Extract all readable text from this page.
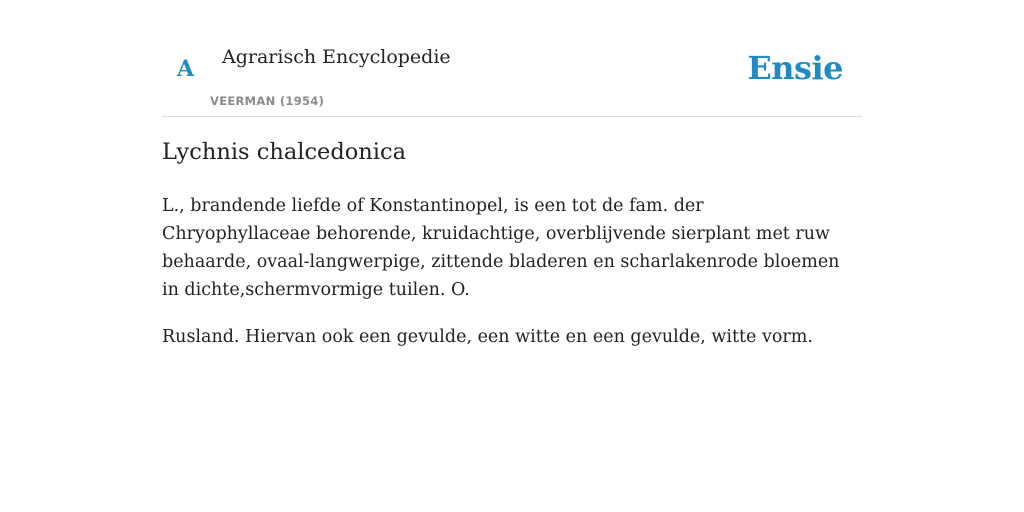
A Agrarisch Encyclopedie
VEERMAN (1954)
Ensie
Lychnis chalcedonica

L., brandende liefde of Konstantinopel, is een tot de fam. der Chryophyllaceae behorende, kruidachtige, overblijvende sierplant met ruw behaarde, ovaal-langwerpige, zittende bladeren en scharlakenrode bloemen in dichte,schermvormige tuilen. O.

Rusland. Hiervan ook een gevulde, een witte en een gevulde, witte vorm.
